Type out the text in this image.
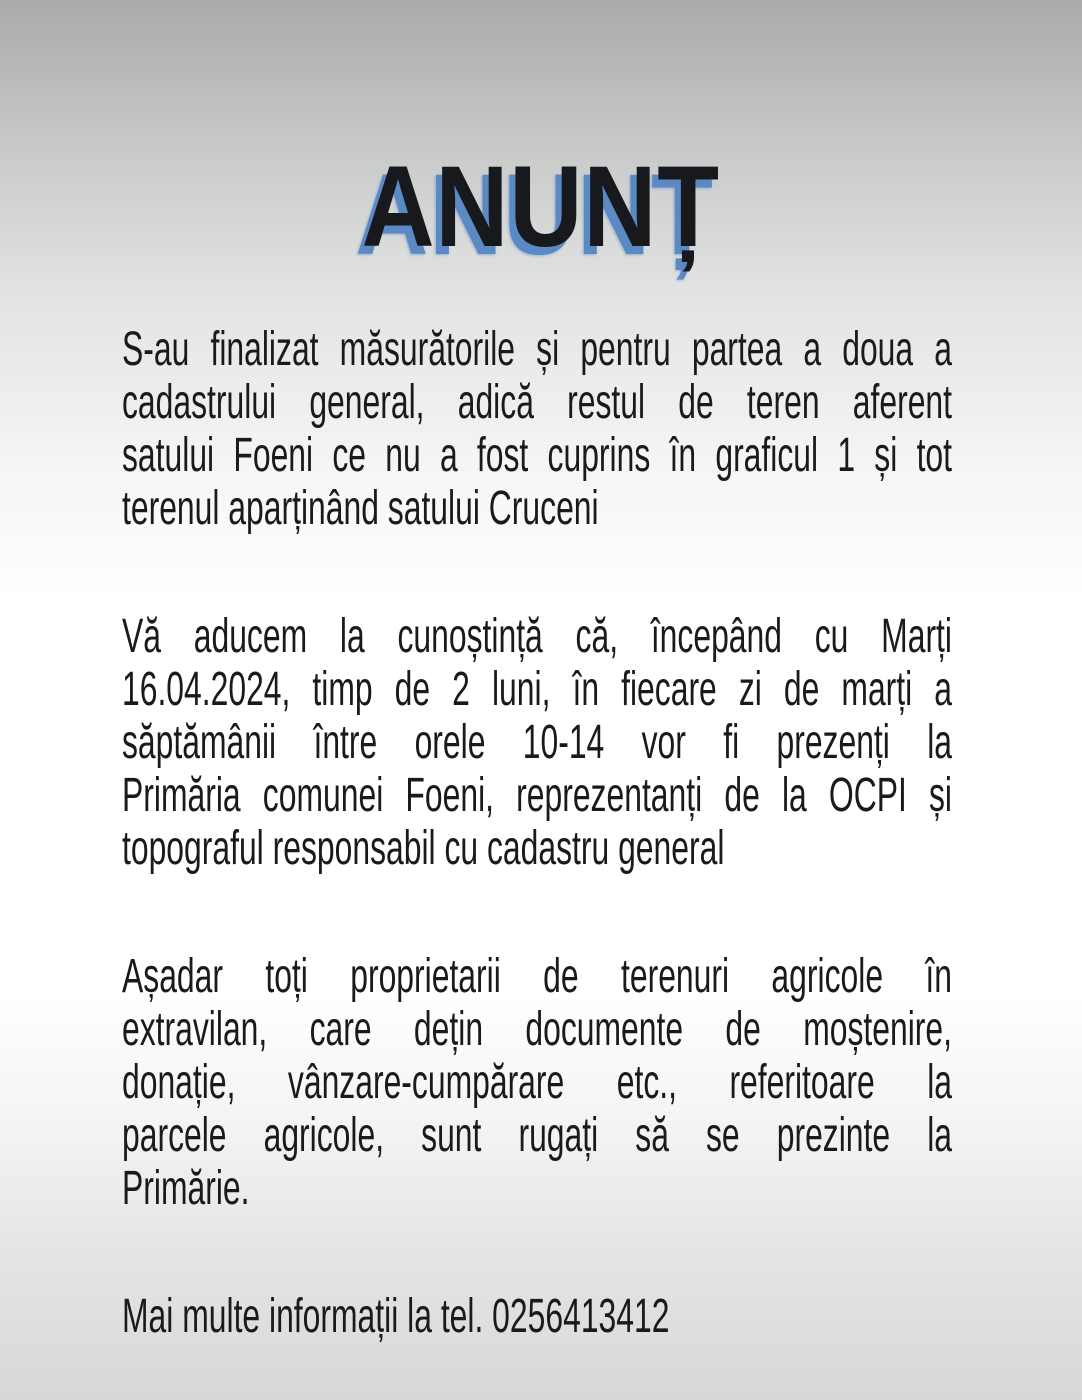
ANUNȚ
S-au finalizat măsurătorile și pentru partea a doua a
cadastrului general, adică restul de teren aferent
satului Foeni ce nu a fost cuprins în graficul 1 și tot
terenul aparținând satului Cruceni
Vă aducem la cunoștință că, începând cu Marți
16.04.2024, timp de 2 luni, în fiecare zi de marți a
săptămânii între orele 10-14 vor fi prezenți la
Primăria comunei Foeni, reprezentanți de la OCPI și
topograful responsabil cu cadastru general
Așadar toți proprietarii de terenuri agricole în
extravilan, care dețin documente de moștenire,
donație, vânzare-cumpărare etc., referitoare la
parcele agricole, sunt rugați să se prezinte la
Primărie.
Mai multe informații la tel. 0256413412
